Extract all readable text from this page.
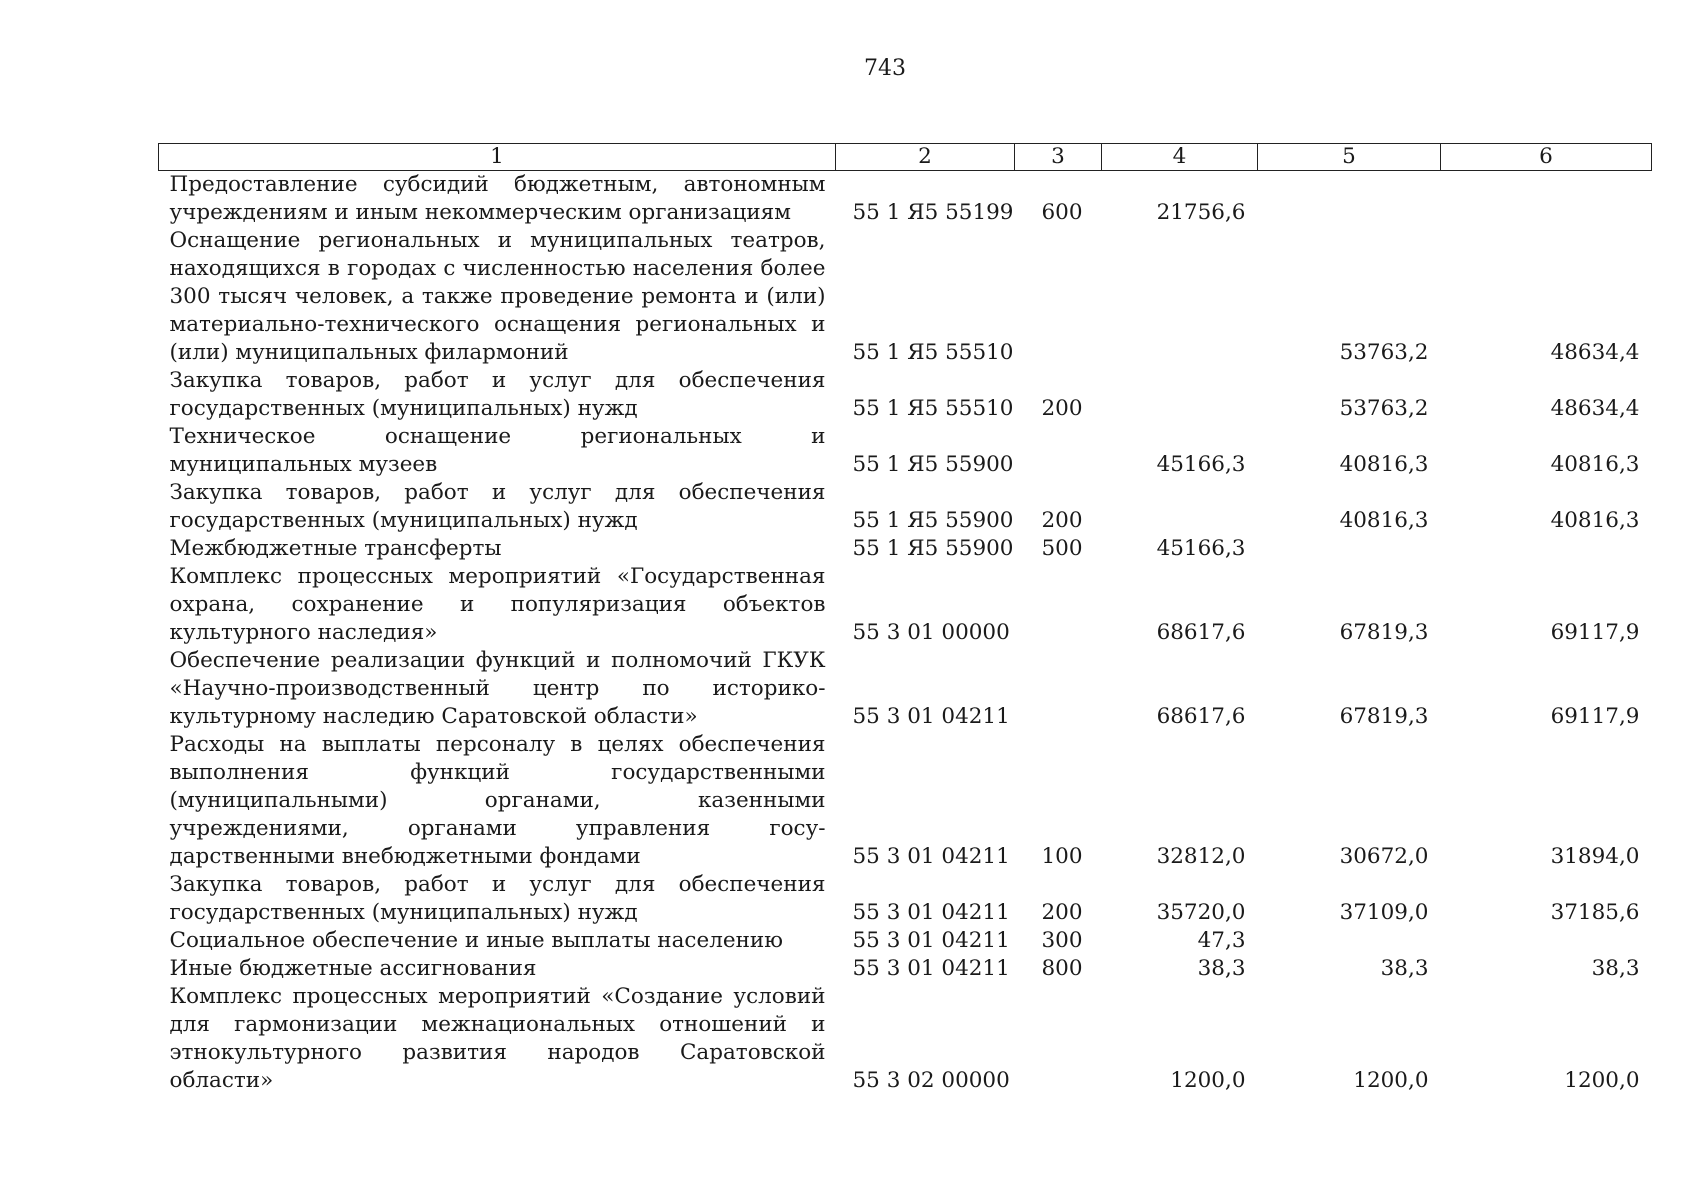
743
1	2	3	4	5	6
Предоставление субсидий бюджетным, автономным учреждениям и иным некоммерческим организациям	55 1 Я5 55199	600	21756,6		
Оснащение региональных и муниципальных театров, находящихся в городах с численностью населения более 300 тысяч человек, а также проведение ремонта и (или) материально-технического оснащения региональных и (или) муниципальных филармоний	55 1 Я5 55510			53763,2	48634,4
Закупка товаров, работ и услуг для обеспечения государственных (муниципальных) нужд	55 1 Я5 55510	200		53763,2	48634,4
Техническое оснащение региональных и муниципальных музеев	55 1 Я5 55900		45166,3	40816,3	40816,3
Закупка товаров, работ и услуг для обеспечения государственных (муниципальных) нужд	55 1 Я5 55900	200		40816,3	40816,3
Межбюджетные трансферты	55 1 Я5 55900	500	45166,3		
Комплекс процессных мероприятий «Государственная охрана, сохранение и популяризация объектов культурного наследия»	55 3 01 00000		68617,6	67819,3	69117,9
Обеспечение реализации функций и полномочий ГКУК «Научно-производственный центр по историко-культурному наследию Саратовской области»	55 3 01 04211		68617,6	67819,3	69117,9
Расходы на выплаты персоналу в целях обеспечения выполнения функций государственными (муниципальными) органами, казенными учреждениями, органами управления государственными внебюджетными фондами	55 3 01 04211	100	32812,0	30672,0	31894,0
Закупка товаров, работ и услуг для обеспечения государственных (муниципальных) нужд	55 3 01 04211	200	35720,0	37109,0	37185,6
Социальное обеспечение и иные выплаты населению	55 3 01 04211	300	47,3		
Иные бюджетные ассигнования	55 3 01 04211	800	38,3	38,3	38,3
Комплекс процессных мероприятий «Создание условий для гармонизации межнациональных отношений и этнокультурного развития народов Саратовской области»	55 3 02 00000		1200,0	1200,0	1200,0
